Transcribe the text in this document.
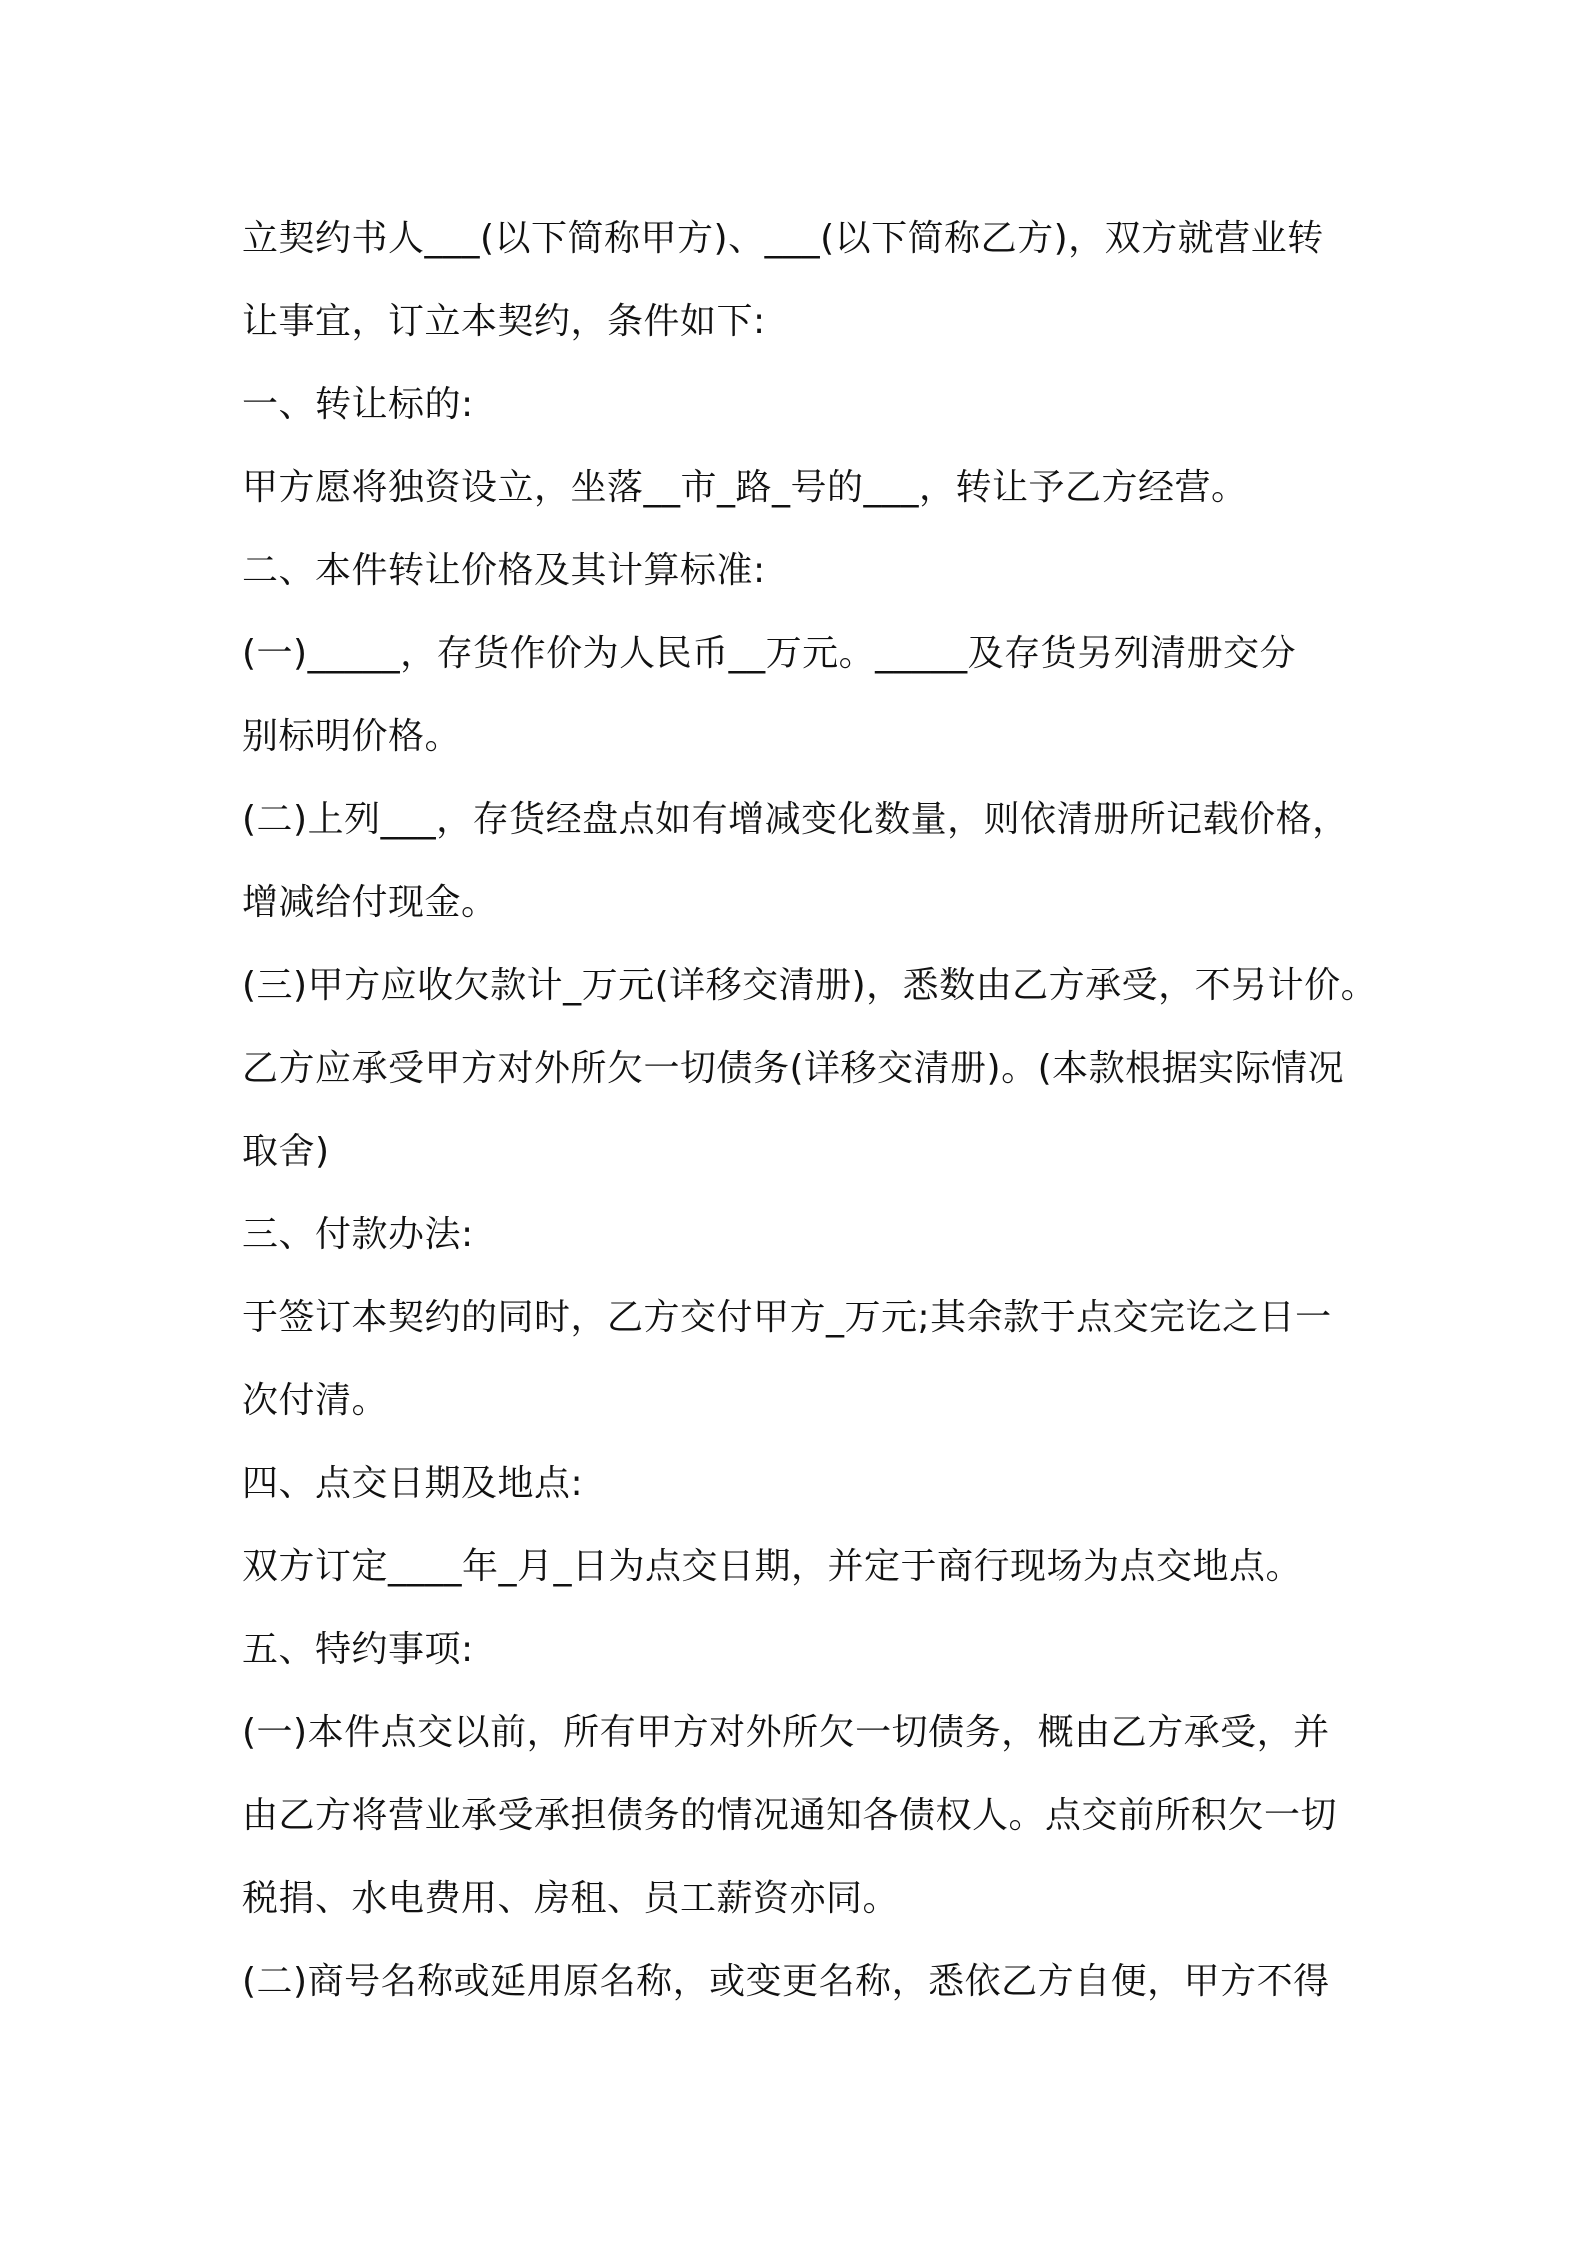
立契约书人___(以下简称甲方)、___(以下简称乙方)，双方就营业转
让事宜，订立本契约，条件如下:
一、转让标的:
甲方愿将独资设立，坐落__市_路_号的___，转让予乙方经营。
二、本件转让价格及其计算标准:
(一)_____，存货作价为人民币__万元。_____及存货另列清册交分
别标明价格。
(二)上列___，存货经盘点如有增减变化数量，则依清册所记载价格，
增减给付现金。
(三)甲方应收欠款计_万元(详移交清册)，悉数由乙方承受，不另计价。
乙方应承受甲方对外所欠一切债务(详移交清册)。(本款根据实际情况
取舍)
三、付款办法:
于签订本契约的同时，乙方交付甲方_万元;其余款于点交完讫之日一
次付清。
四、点交日期及地点:
双方订定____年_月_日为点交日期，并定于商行现场为点交地点。
五、特约事项:
(一)本件点交以前，所有甲方对外所欠一切债务，概由乙方承受，并
由乙方将营业承受承担债务的情况通知各债权人。点交前所积欠一切
税捐、水电费用、房租、员工薪资亦同。
(二)商号名称或延用原名称，或变更名称，悉依乙方自便，甲方不得
